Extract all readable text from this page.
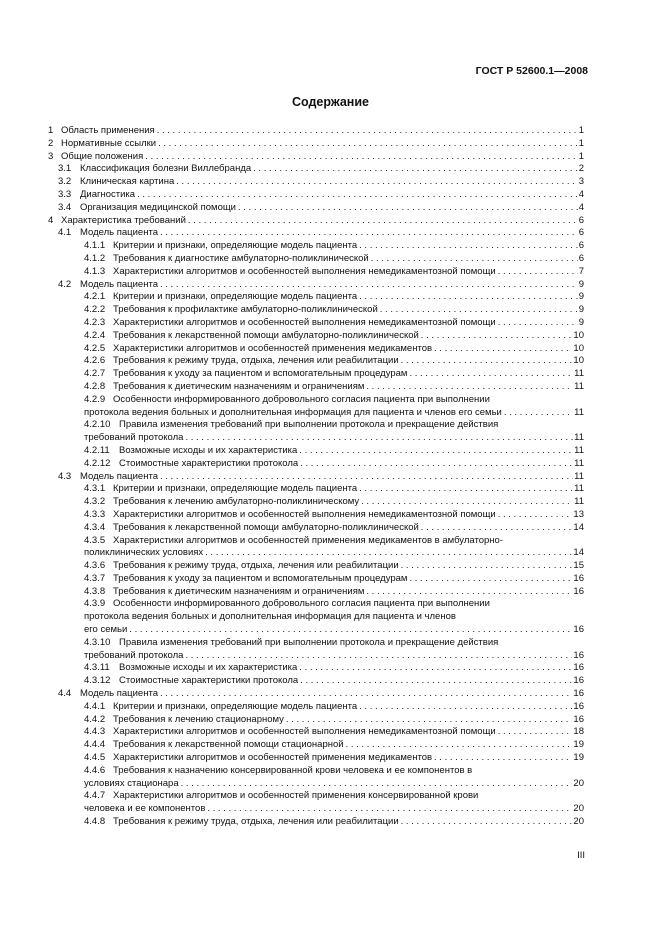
ГОСТ Р 52600.1—2008
Содержание
1 Область применения . . .	1
2 Нормативные ссылки . . .	1
3 Общие положения . . .	1
3.1 Классификация болезни Виллебранда . . .	2
3.2 Клиническая картина . . .	3
3.3 Диагностика . . .	4
3.4 Организация медицинской помощи . . .	4
4 Характеристика требований . . .	6
4.1 Модель пациента . . .	6
4.1.1 Критерии и признаки, определяющие модель пациента . . .	6
4.1.2 Требования к диагностике амбулаторно-поликлинической . . .	6
4.1.3 Характеристики алгоритмов и особенностей выполнения немедикаментозной помощи . . .	7
4.2 Модель пациента . . .	9
4.2.1 Критерии и признаки, определяющие модель пациента . . .	9
4.2.2 Требования к профилактике амбулаторно-поликлинической . . .	9
4.2.3 Характеристики алгоритмов и особенностей выполнения немедикаментозной помощи . . .	9
4.2.4 Требования к лекарственной помощи амбулаторно-поликлинической . . .	10
4.2.5 Характеристики алгоритмов и особенностей применения медикаментов . . .	10
4.2.6 Требования к режиму труда, отдыха, лечения или реабилитации . . .	10
4.2.7 Требования к уходу за пациентом и вспомогательным процедурам . . .	11
4.2.8 Требования к диетическим назначениям и ограничениям . . .	11
4.2.9 Особенности информированного добровольного согласия пациента при выполнении
протокола ведения больных и дополнительная информация для пациента и членов его семьи . . .	11
4.2.10 Правила изменения требований при выполнении протокола и прекращение действия
требований протокола . . .	11
4.2.11 Возможные исходы и их характеристика . . .	11
4.2.12 Стоимостные характеристики протокола . . .	11
4.3 Модель пациента . . .	11
4.3.1 Критерии и признаки, определяющие модель пациента . . .	11
4.3.2 Требования к лечению амбулаторно-поликлиническому . . .	11
4.3.3 Характеристики алгоритмов и особенностей выполнения немедикаментозной помощи . . .	13
4.3.4 Требования к лекарственной помощи амбулаторно-поликлинической . . .	14
4.3.5 Характеристики алгоритмов и особенностей применения медикаментов в амбулаторно-
поликлинических условиях . . .	14
4.3.6 Требования к режиму труда, отдыха, лечения или реабилитации . . .	15
4.3.7 Требования к уходу за пациентом и вспомогательным процедурам . . .	16
4.3.8 Требования к диетическим назначениям и ограничениям . . .	16
4.3.9 Особенности информированного добровольного согласия пациента при выполнении
протокола ведения больных и дополнительная информация для пациента и членов
его семьи . . .	16
4.3.10 Правила изменения требований при выполнении протокола и прекращение действия
требований протокола . . .	16
4.3.11 Возможные исходы и их характеристика . . .	16
4.3.12 Стоимостные характеристики протокола . . .	16
4.4 Модель пациента . . .	16
4.4.1 Критерии и признаки, определяющие модель пациента . . .	16
4.4.2 Требования к лечению стационарному . . .	16
4.4.3 Характеристики алгоритмов и особенностей выполнения немедикаментозной помощи . . .	18
4.4.4 Требования к лекарственной помощи стационарной . . .	19
4.4.5 Характеристики алгоритмов и особенностей применения медикаментов . . .	19
4.4.6 Требования к назначению консервированной крови человека и ее компонентов в
условиях стационара . . .	20
4.4.7 Характеристики алгоритмов и особенностей применения консервированной крови
человека и ее компонентов . . .	20
4.4.8 Требования к режиму труда, отдыха, лечения или реабилитации . . .	20
III
